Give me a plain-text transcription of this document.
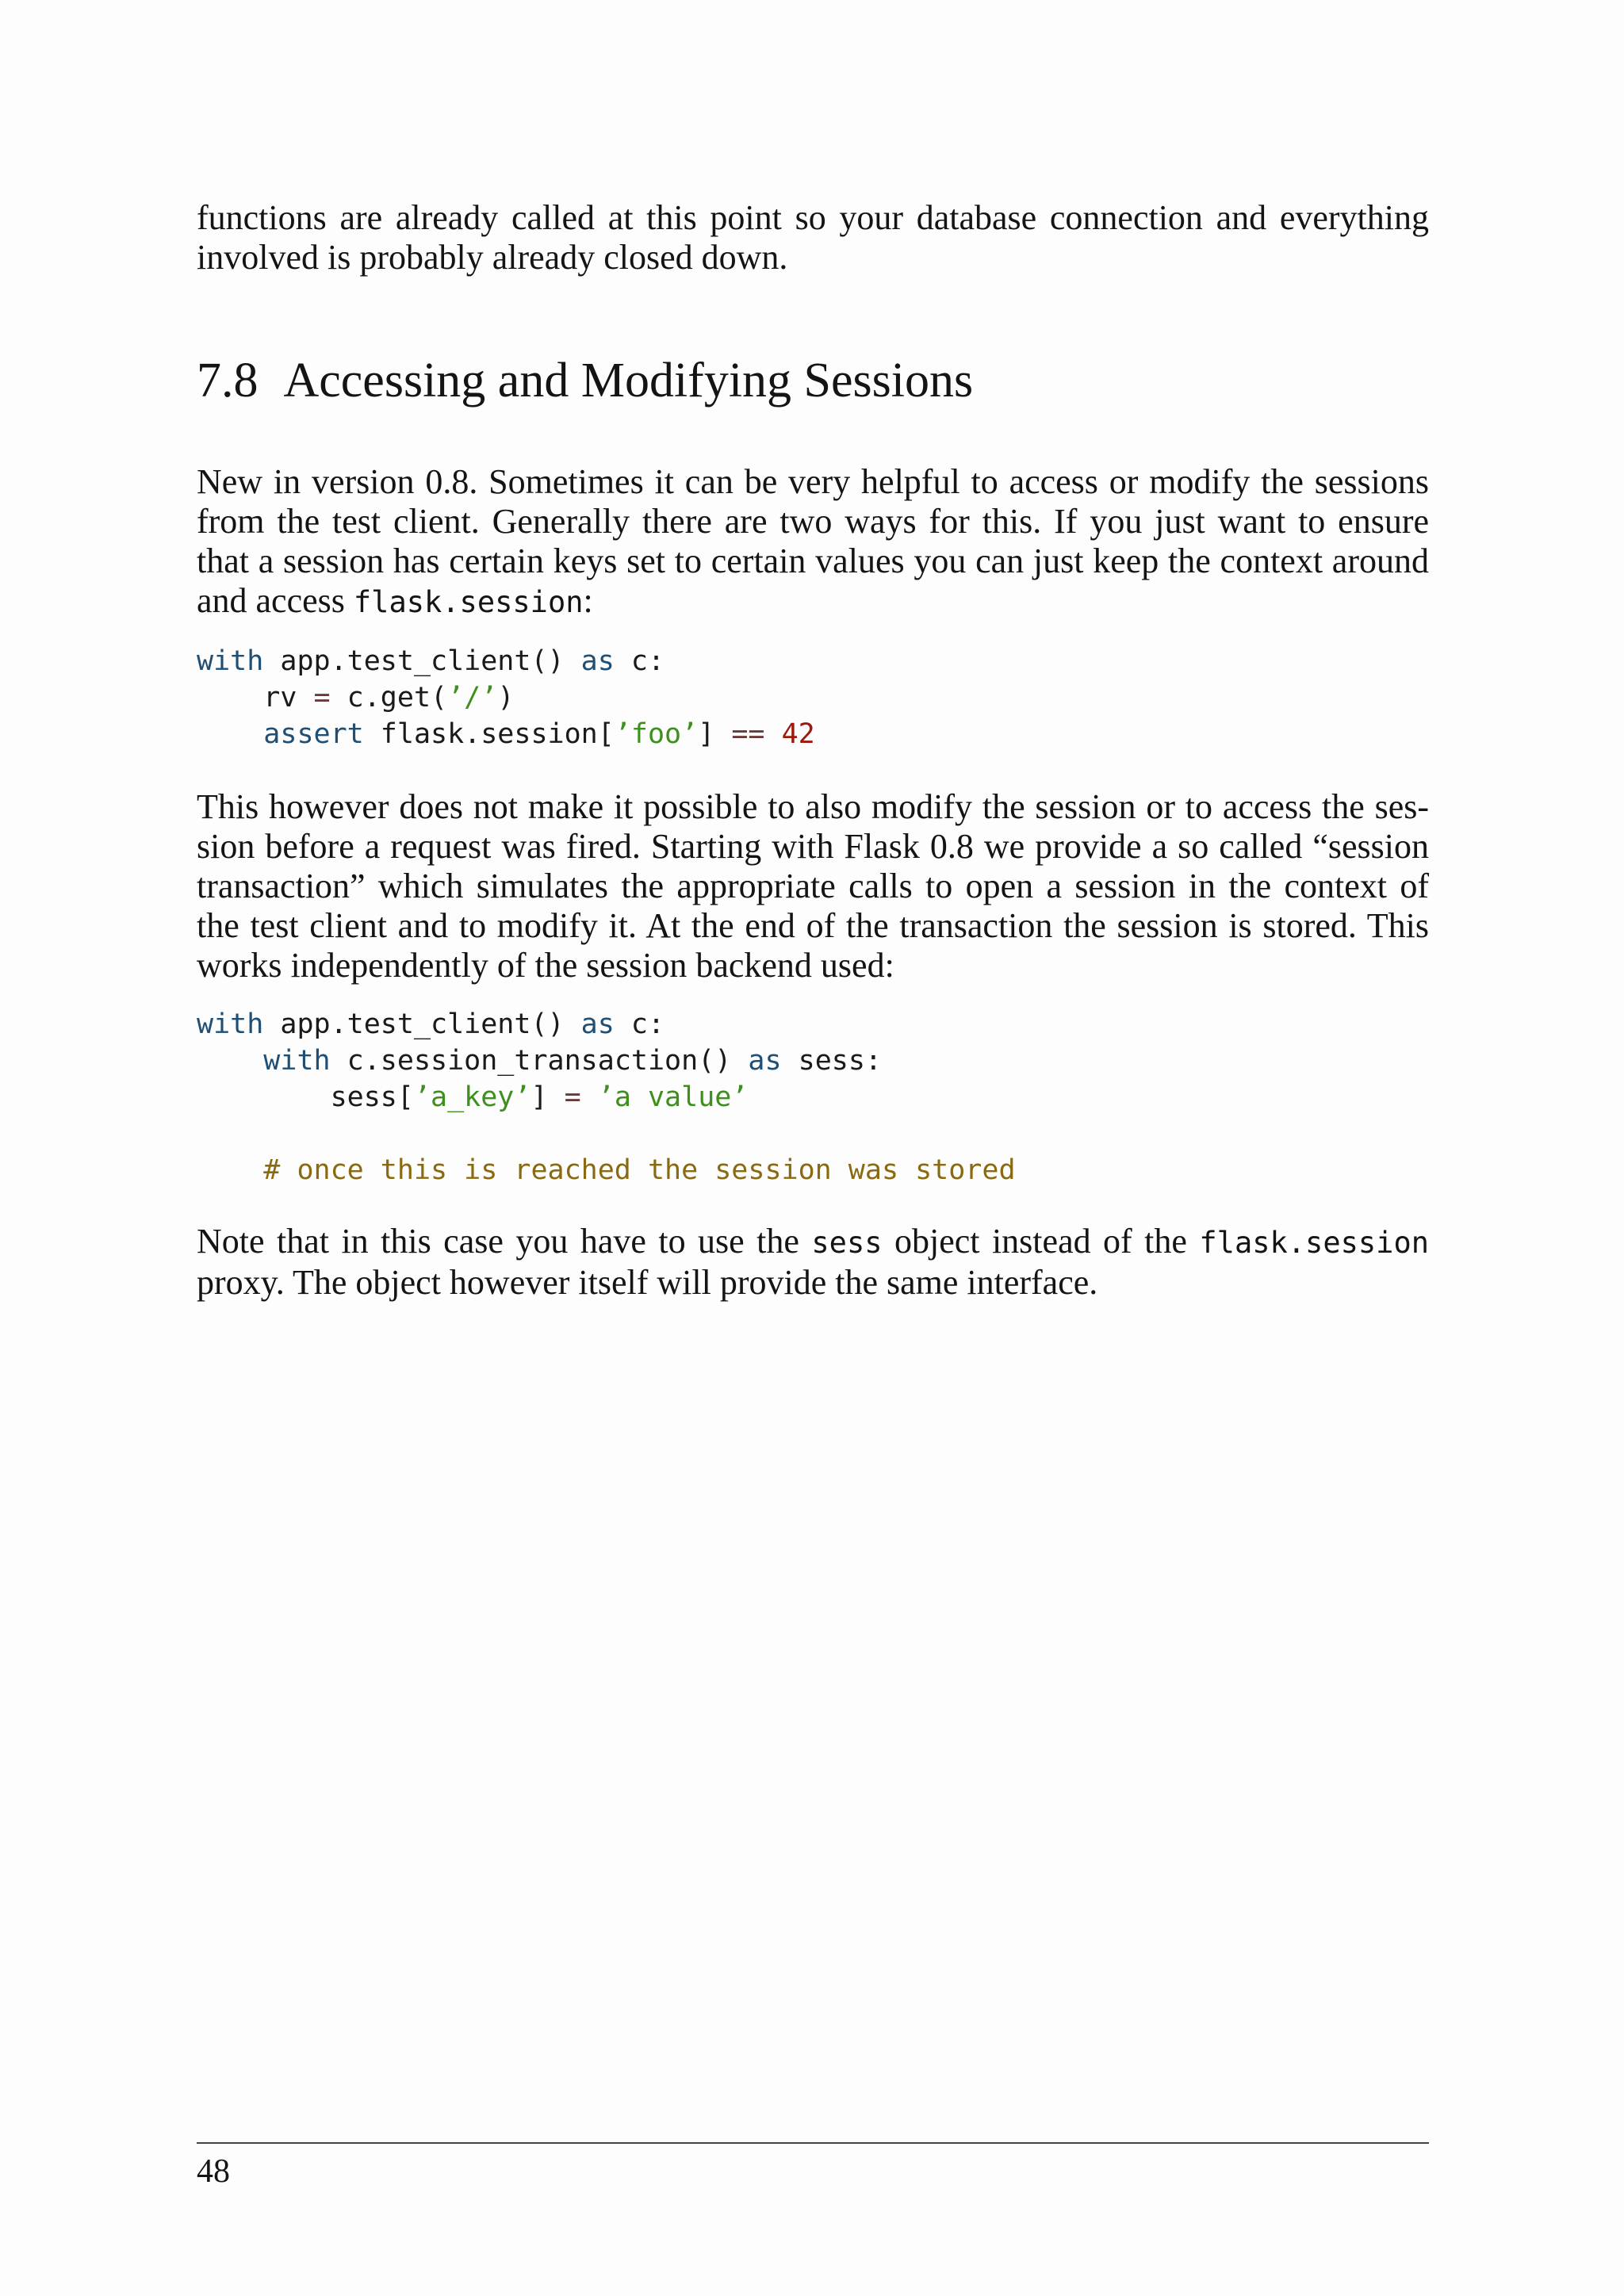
functions are already called at this point so your database connection and everything
involved is probably already closed down.

7.8 Accessing and Modifying Sessions

New in version 0.8. Sometimes it can be very helpful to access or modify the sessions
from the test client. Generally there are two ways for this. If you just want to ensure
that a session has certain keys set to certain values you can just keep the context around
and access flask.session:

with app.test_client() as c:
rv = c.get(’/’)
assert flask.session[’foo’] == 42

This however does not make it possible to also modify the session or to access the ses-
sion before a request was fired. Starting with Flask 0.8 we provide a so called “session
transaction” which simulates the appropriate calls to open a session in the context of
the test client and to modify it. At the end of the transaction the session is stored. This
works independently of the session backend used:

with app.test_client() as c:
with c.session_transaction() as sess:
sess[’a_key’] = ’a value’

# once this is reached the session was stored

Note that in this case you have to use the sess object instead of the flask.session
proxy. The object however itself will provide the same interface.

48
